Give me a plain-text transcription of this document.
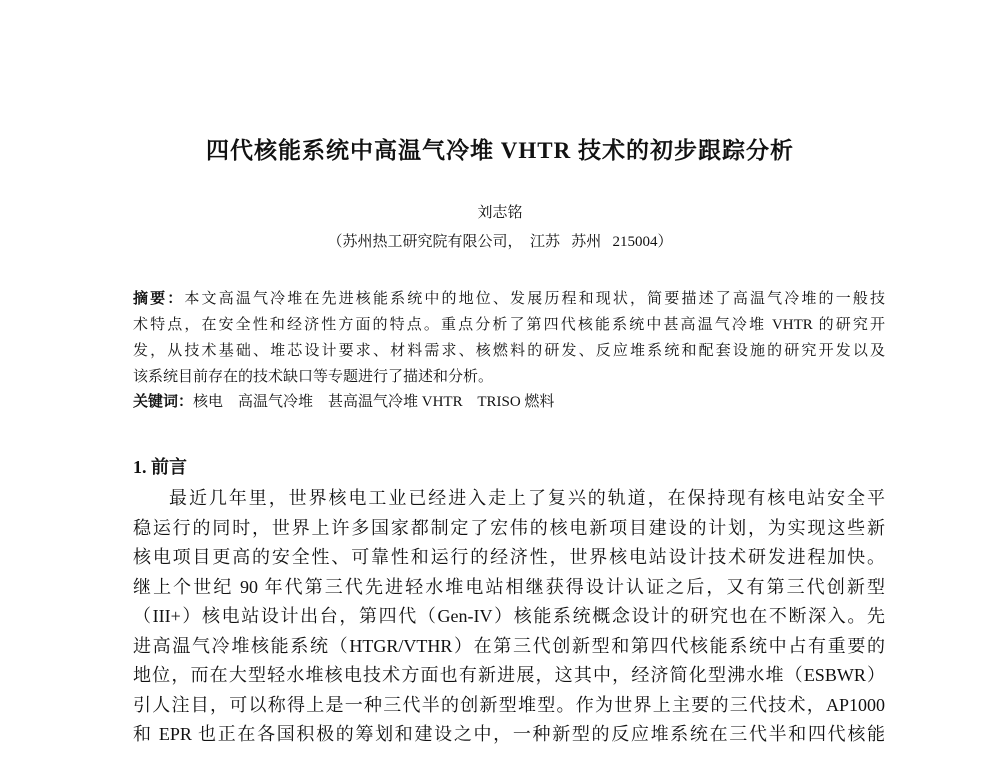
四代核能系统中高温气冷堆 VHTR 技术的初步跟踪分析
刘志铭
（苏州热工研究院有限公司，  江苏   苏州   215004）
摘要：本文高温气冷堆在先进核能系统中的地位、发展历程和现状，简要描述了高温气冷堆的一般技
术特点，在安全性和经济性方面的特点。重点分析了第四代核能系统中甚高温气冷堆 VHTR 的研究开
发，从技术基础、堆芯设计要求、材料需求、核燃料的研发、反应堆系统和配套设施的研究开发以及
该系统目前存在的技术缺口等专题进行了描述和分析。
关键词：核电    高温气冷堆    甚高温气冷堆 VHTR    TRISO 燃料
1. 前言
最近几年里，世界核电工业已经进入走上了复兴的轨道，在保持现有核电站安全平
稳运行的同时，世界上许多国家都制定了宏伟的核电新项目建设的计划，为实现这些新
核电项目更高的安全性、可靠性和运行的经济性，世界核电站设计技术研发进程加快。
继上个世纪 90 年代第三代先进轻水堆电站相继获得设计认证之后，又有第三代创新型
（III+）核电站设计出台，第四代（Gen-IV）核能系统概念设计的研究也在不断深入。先
进高温气冷堆核能系统（HTGR/VTHR）在第三代创新型和第四代核能系统中占有重要的
地位，而在大型轻水堆核电技术方面也有新进展，这其中，经济简化型沸水堆（ESBWR）
引人注目，可以称得上是一种三代半的创新型堆型。作为世界上主要的三代技术，AP1000
和 EPR 也正在各国积极的筹划和建设之中，一种新型的反应堆系统在三代半和四代核能
